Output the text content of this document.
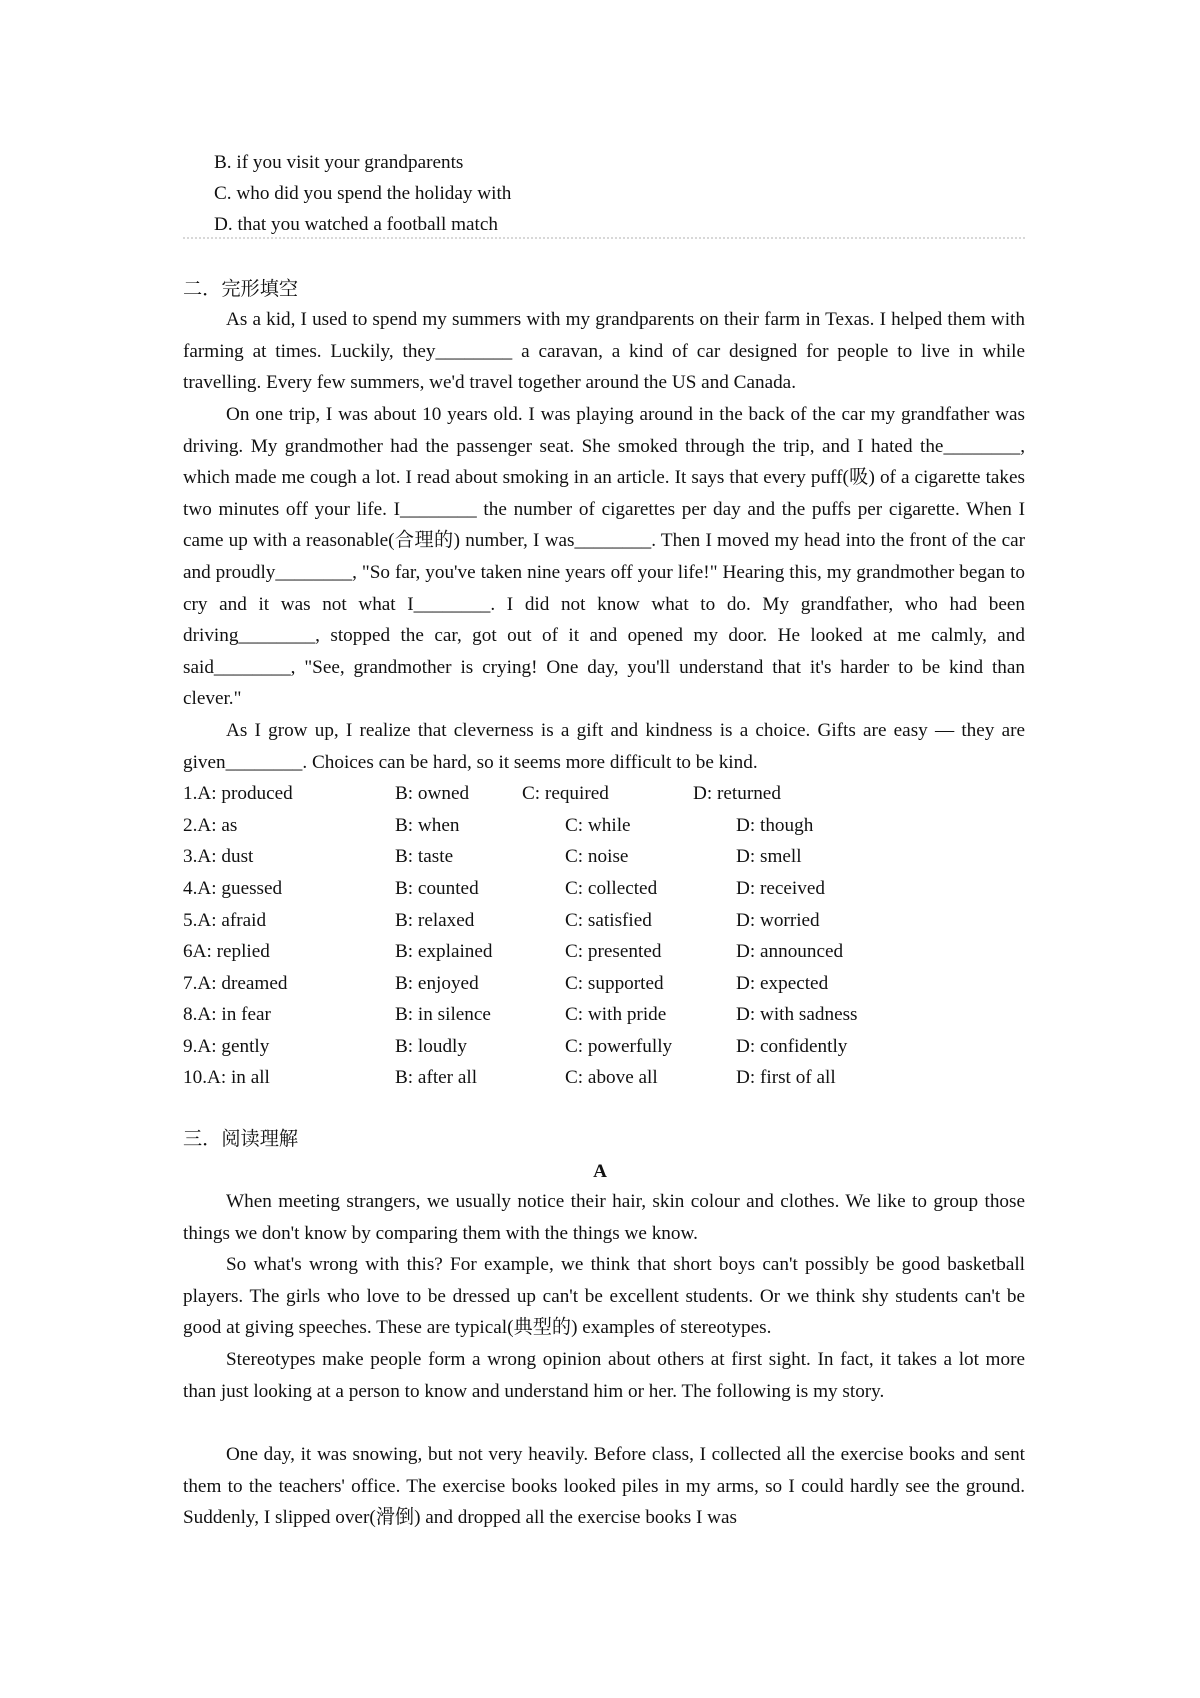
B. if you visit your grandparents
C. who did you spend the holiday with
D. that you watched a football match
二．完形填空

As a kid, I used to spend my summers with my grandparents on their farm in Texas. I helped them with farming at times. Luckily, they________ a caravan, a kind of car designed for people to live in while travelling. Every few summers, we'd travel together around the US and Canada.

On one trip, I was about 10 years old. I was playing around in the back of the car my grandfather was driving. My grandmother had the passenger seat. She smoked through the trip, and I hated the________, which made me cough a lot. I read about smoking in an article. It says that every puff(吸) of a cigarette takes two minutes off your life. I________ the number of cigarettes per day and the puffs per cigarette. When I came up with a reasonable(合理的) number, I was________. Then I moved my head into the front of the car and proudly________, "So far, you've taken nine years off your life!" Hearing this, my grandmother began to cry and it was not what I________. I did not know what to do. My grandfather, who had been driving________, stopped the car, got out of it and opened my door. He looked at me calmly, and said________, "See, grandmother is crying! One day, you'll understand that it's harder to be kind than clever."

As I grow up, I realize that cleverness is a gift and kindness is a choice. Gifts are easy — they are given________. Choices can be hard, so it seems more difficult to be kind.

1.A: produced	B: owned	C: required	D: returned
2.A: as	B: when	C: while	D: though
3.A: dust	B: taste	C: noise	D: smell
4.A: guessed	B: counted	C: collected	D: received
5.A: afraid	B: relaxed	C: satisfied	D: worried
6A: replied	B: explained	C: presented	D: announced
7.A: dreamed	B: enjoyed	C: supported	D: expected
8.A: in fear	B: in silence	C: with pride	D: with sadness
9.A: gently	B: loudly	C: powerfully	D: confidently
10.A: in all	B: after all	C: above all	D: first of all
三．阅读理解
A

When meeting strangers, we usually notice their hair, skin colour and clothes. We like to group those things we don't know by comparing them with the things we know.

So what's wrong with this? For example, we think that short boys can't possibly be good basketball players. The girls who love to be dressed up can't be excellent students. Or we think shy students can't be good at giving speeches. These are typical(典型的) examples of stereotypes.

Stereotypes make people form a wrong opinion about others at first sight. In fact, it takes a lot more than just looking at a person to know and understand him or her. The following is my story.

One day, it was snowing, but not very heavily. Before class, I collected all the exercise books and sent them to the teachers' office. The exercise books looked piles in my arms, so I could hardly see the ground. Suddenly, I slipped over(滑倒) and dropped all the exercise books I was
